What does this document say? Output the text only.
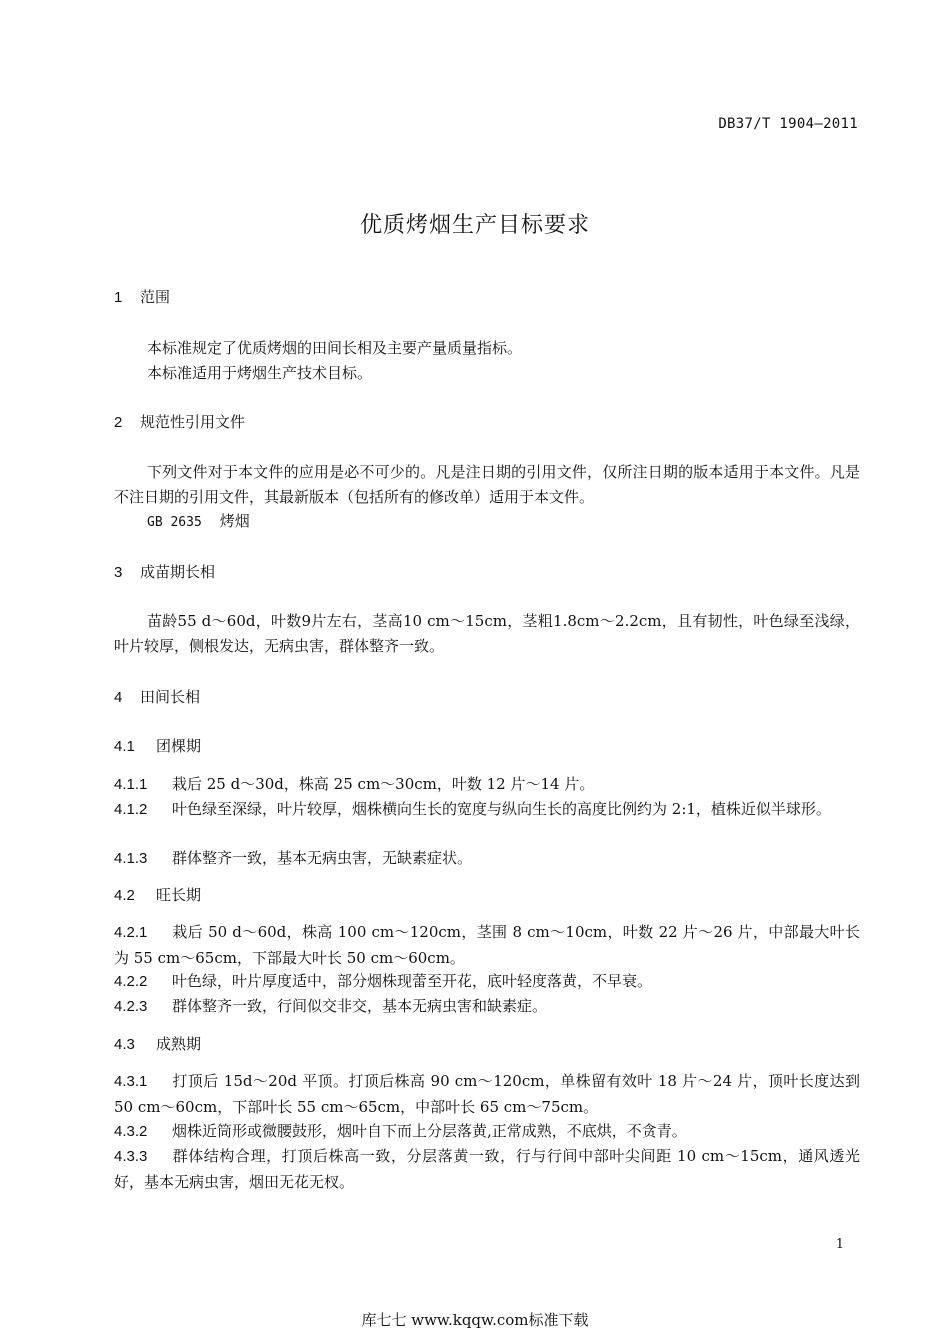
DB37/T 1904—2011
优质烤烟生产目标要求
1 范围
本标准规定了优质烤烟的田间长相及主要产量质量指标。
本标准适用于烤烟生产技术目标。
2 规范性引用文件
下列文件对于本文件的应用是必不可少的。凡是注日期的引用文件，仅所注日期的版本适用于本文件。凡是不注日期的引用文件，其最新版本（包括所有的修改单）适用于本文件。
GB 2635 烤烟
3 成苗期长相
苗龄55 d～60d，叶数9片左右，茎高10 cm～15cm，茎粗1.8cm～2.2cm，且有韧性，叶色绿至浅绿，叶片较厚，侧根发达，无病虫害，群体整齐一致。
4 田间长相
4.1 团棵期
4.1.1 栽后 25 d～30d，株高 25 cm～30cm，叶数 12 片～14 片。
4.1.2 叶色绿至深绿，叶片较厚，烟株横向生长的宽度与纵向生长的高度比例约为 2:1，植株近似半球形。
4.1.3 群体整齐一致，基本无病虫害，无缺素症状。
4.2 旺长期
4.2.1 栽后 50 d～60d，株高 100 cm～120cm，茎围 8 cm～10cm，叶数 22 片～26 片，中部最大叶长为 55 cm～65cm，下部最大叶长 50 cm～60cm。
4.2.2 叶色绿，叶片厚度适中，部分烟株现蕾至开花，底叶轻度落黄，不早衰。
4.2.3 群体整齐一致，行间似交非交，基本无病虫害和缺素症。
4.3 成熟期
4.3.1 打顶后 15d～20d 平顶。打顶后株高 90 cm～120cm，单株留有效叶 18 片～24 片，顶叶长度达到 50 cm～60cm，下部叶长 55 cm～65cm，中部叶长 65 cm～75cm。
4.3.2 烟株近筒形或微腰鼓形，烟叶自下而上分层落黄,正常成熟，不底烘，不贪青。
4.3.3 群体结构合理，打顶后株高一致，分层落黄一致，行与行间中部叶尖间距 10 cm～15cm，通风透光好，基本无病虫害，烟田无花无杈。
1
库七七 www.kqqw.com标准下载
